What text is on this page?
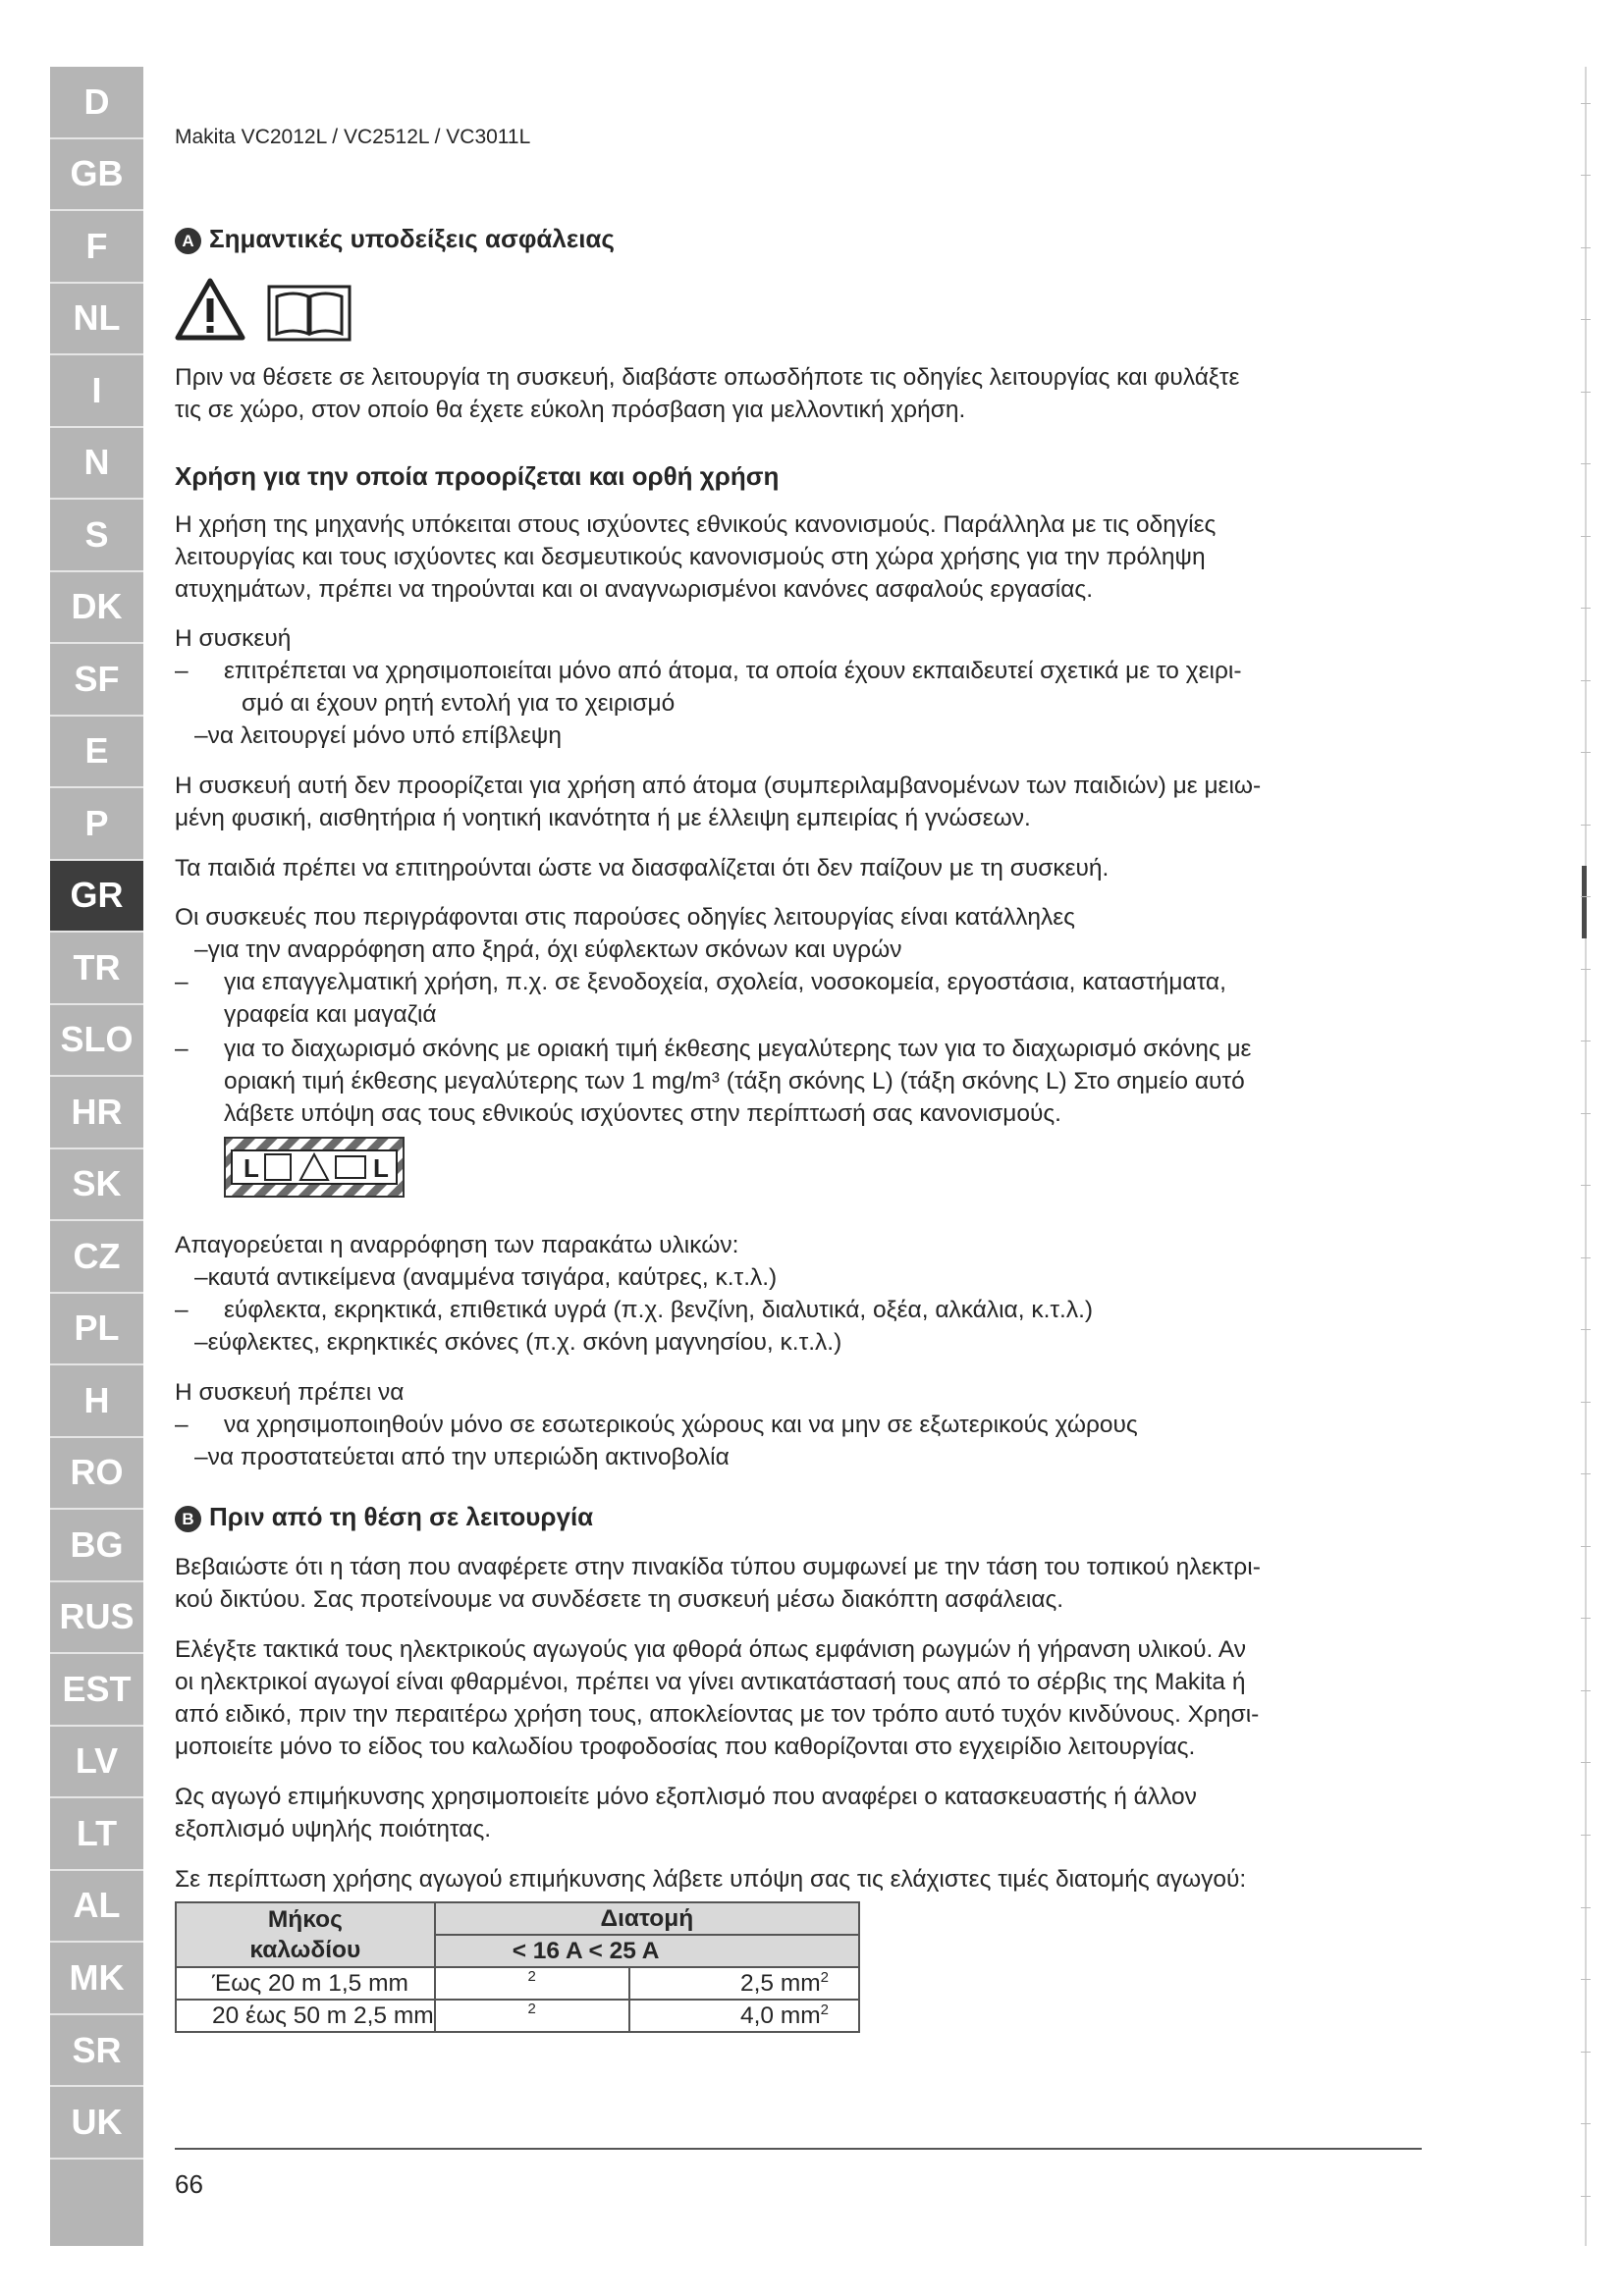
D
GB
F
NL
I
N
S
DK
SF
E
P
GR
TR
SLO
HR
SK
CZ
PL
H
RO
BG
RUS
EST
LV
LT
AL
MK
SR
UK
Makita VC2012L / VC2512L / VC3011L
A Σημαντικές υποδείξεις ασφάλειας
Πριν να θέσετε σε λειτουργία τη συσκευή, διαβάστε οπωσδήποτε τις οδηγίες λειτουργίας και φυλάξτε
τις σε χώρο, στον οποίο θα έχετε εύκολη πρόσβαση για μελλοντική χρήση.
Χρήση για την οποία προορίζεται και ορθή χρήση
Η χρήση της μηχανής υπόκειται στους ισχύοντες εθνικούς κανονισμούς. Παράλληλα με τις οδηγίες
λειτουργίας και τους ισχύοντες και δεσμευτικούς κανονισμούς στη χώρα χρήσης για την πρόληψη
ατυχημάτων, πρέπει να τηρούνται και οι αναγνωρισμένοι κανόνες ασφαλούς εργασίας.
Η συσκευή
– επιτρέπεται να χρησιμοποιείται μόνο από άτομα, τα οποία έχουν εκπαιδευτεί σχετικά με το χειρι-
σμό αι έχουν ρητή εντολή για το χειρισμό
–να λειτουργεί μόνο υπό επίβλεψη
Η συσκευή αυτή δεν προορίζεται για χρήση από άτομα (συμπεριλαμβανομένων των παιδιών) με μειω-
μένη φυσική, αισθητήρια ή νοητική ικανότητα ή με έλλειψη εμπειρίας ή γνώσεων.
Τα παιδιά πρέπει να επιτηρούνται ώστε να διασφαλίζεται ότι δεν παίζουν με τη συσκευή.
Οι συσκευές που περιγράφονται στις παρούσες οδηγίες λειτουργίας είναι κατάλληλες
–για την αναρρόφηση απο ξηρά, όχι εύφλεκτων σκόνων και υγρών
– για επαγγελματική χρήση, π.χ. σε ξενοδοχεία, σχολεία, νοσοκομεία, εργοστάσια, καταστήματα,
γραφεία και μαγαζιά
– για το διαχωρισμό σκόνης με οριακή τιμή έκθεσης μεγαλύτερης των για το διαχωρισμό σκόνης με
οριακή τιμή έκθεσης μεγαλύτερης των 1 mg/m³ (τάξη σκόνης L) (τάξη σκόνης L) Στο σημείο αυτό
λάβετε υπόψη σας τους εθνικούς ισχύοντες στην περίπτωσή σας κανονισμούς.
L	L
Απαγορεύεται η αναρρόφηση των παρακάτω υλικών:
–καυτά αντικείμενα (αναμμένα τσιγάρα, καύτρες, κ.τ.λ.)
– εύφλεκτα, εκρηκτικά, επιθετικά υγρά (π.χ. βενζίνη, διαλυτικά, οξέα, αλκάλια, κ.τ.λ.)
–εύφλεκτες, εκρηκτικές σκόνες (π.χ. σκόνη μαγνησίου, κ.τ.λ.)
Η συσκευή πρέπει να
– να χρησιμοποιηθούν μόνο σε εσωτερικούς χώρους και να μην σε εξωτερικούς χώρους
–να προστατεύεται από την υπεριώδη ακτινοβολία
B Πριν από τη θέση σε λειτουργία
Βεβαιώστε ότι η τάση που αναφέρετε στην πινακίδα τύπου συμφωνεί με την τάση του τοπικού ηλεκτρι-
κού δικτύου. Σας προτείνουμε να συνδέσετε τη συσκευή μέσω διακόπτη ασφάλειας.
Ελέγξτε τακτικά τους ηλεκτρικούς αγωγούς για φθορά όπως εμφάνιση ρωγμών ή γήρανση υλικού. Αν
οι ηλεκτρικοί αγωγοί είναι φθαρμένοι, πρέπει να γίνει αντικατάστασή τους από το σέρβις της Makita ή
από ειδικό, πριν την περαιτέρω χρήση τους, αποκλείοντας με τον τρόπο αυτό τυχόν κινδύνους. Χρησι-
μοποιείτε μόνο το είδος του καλωδίου τροφοδοσίας που καθορίζονται στο εγχειρίδιο λειτουργίας.
Ως αγωγό επιμήκυνσης χρησιμοποιείτε μόνο εξοπλισμό που αναφέρει ο κατασκευαστής ή άλλον
εξοπλισμό υψηλής ποιότητας.
Σε περίπτωση χρήσης αγωγού επιμήκυνσης λάβετε υπόψη σας τις ελάχιστες τιμές διατομής αγωγού:
Μήκος
καλωδίου	Διατομή	
	< 16 A < 25 A	
Έως 20 m 1,5 mm	2	2,5 $mm^2$
20 έως 50 m 2,5 mm	2	4,0 $mm^2$
66
